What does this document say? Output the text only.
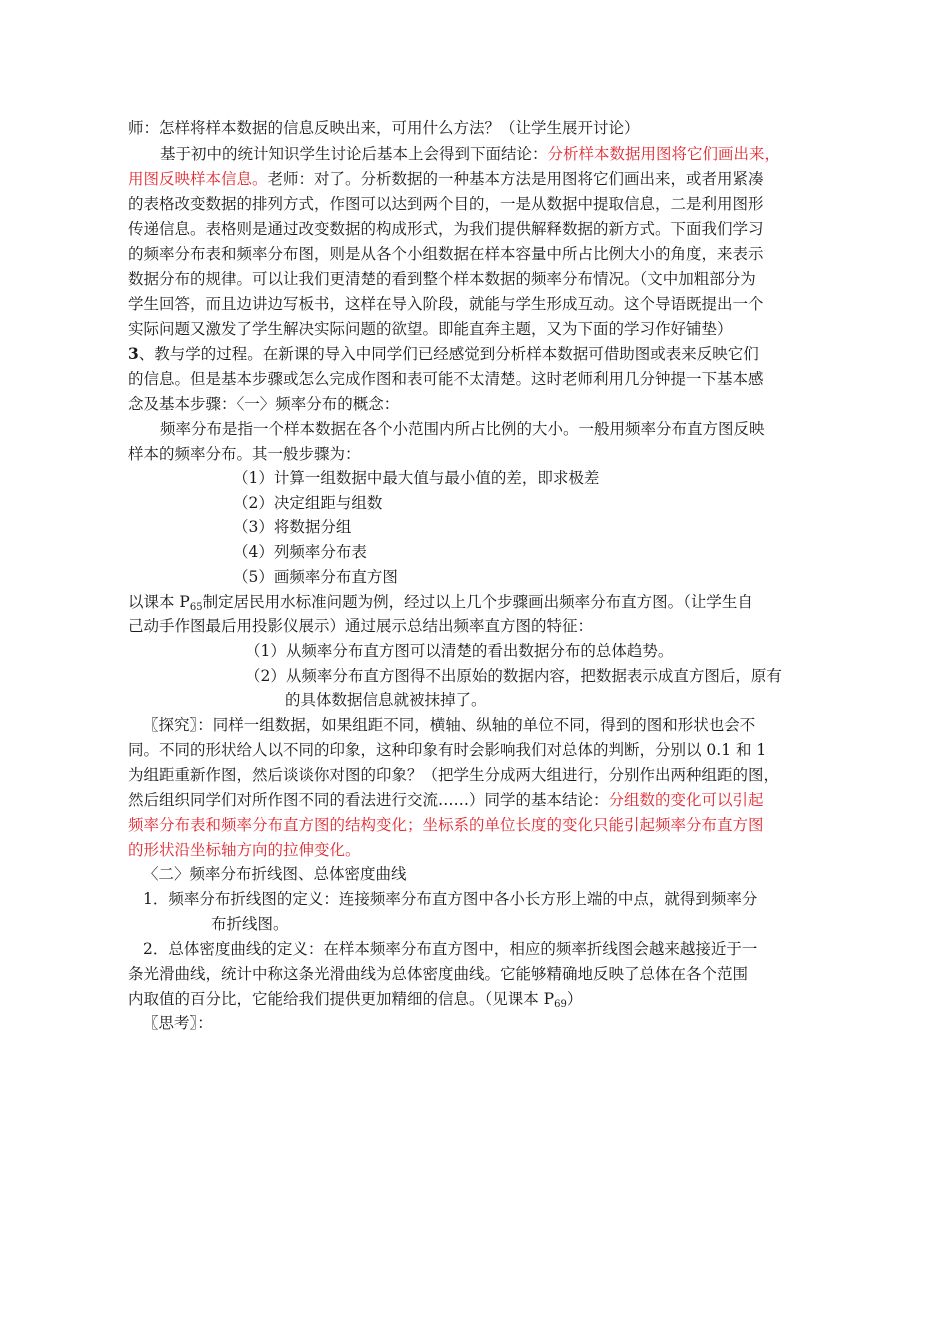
师：怎样将样本数据的信息反映出来，可用什么方法？（让学生展开讨论）
基于初中的统计知识学生讨论后基本上会得到下面结论：分析样本数据用图将它们画出来，
用图反映样本信息。老师：对了。分析数据的一种基本方法是用图将它们画出来，或者用紧凑
的表格改变数据的排列方式，作图可以达到两个目的，一是从数据中提取信息，二是利用图形
传递信息。表格则是通过改变数据的构成形式，为我们提供解释数据的新方式。下面我们学习
的频率分布表和频率分布图，则是从各个小组数据在样本容量中所占比例大小的角度，来表示
数据分布的规律。可以让我们更清楚的看到整个样本数据的频率分布情况。（文中加粗部分为
学生回答，而且边讲边写板书，这样在导入阶段，就能与学生形成互动。这个导语既提出一个
实际问题又激发了学生解决实际问题的欲望。即能直奔主题，又为下面的学习作好铺垫）
3、教与学的过程。在新课的导入中同学们已经感觉到分析样本数据可借助图或表来反映它们
的信息。但是基本步骤或怎么完成作图和表可能不太清楚。这时老师利用几分钟提一下基本感
念及基本步骤：〈一〉频率分布的概念：
频率分布是指一个样本数据在各个小范围内所占比例的大小。一般用频率分布直方图反映
样本的频率分布。其一般步骤为：
（1）计算一组数据中最大值与最小值的差，即求极差
（2）决定组距与组数
（3）将数据分组
（4）列频率分布表
（5）画频率分布直方图
以课本 $P_{65}$制定居民用水标准问题为例，经过以上几个步骤画出频率分布直方图。（让学生自
己动手作图最后用投影仪展示）通过展示总结出频率直方图的特征：
（1）从频率分布直方图可以清楚的看出数据分布的总体趋势。
（2）从频率分布直方图得不出原始的数据内容，把数据表示成直方图后，原有
的具体数据信息就被抹掉了。
〖探究〗：同样一组数据，如果组距不同，横轴、纵轴的单位不同，得到的图和形状也会不
同。不同的形状给人以不同的印象，这种印象有时会影响我们对总体的判断，分别以 0.1 和 1
为组距重新作图，然后谈谈你对图的印象？（把学生分成两大组进行，分别作出两种组距的图，
然后组织同学们对所作图不同的看法进行交流……）同学的基本结论：分组数的变化可以引起
频率分布表和频率分布直方图的结构变化；坐标系的单位长度的变化只能引起频率分布直方图
的形状沿坐标轴方向的拉伸变化。
〈二〉频率分布折线图、总体密度曲线
1．频率分布折线图的定义：连接频率分布直方图中各小长方形上端的中点，就得到频率分
布折线图。
2．总体密度曲线的定义：在样本频率分布直方图中，相应的频率折线图会越来越接近于一
条光滑曲线，统计中称这条光滑曲线为总体密度曲线。它能够精确地反映了总体在各个范围
内取值的百分比，它能给我们提供更加精细的信息。（见课本 $P_{69}$）
〖思考〗：
